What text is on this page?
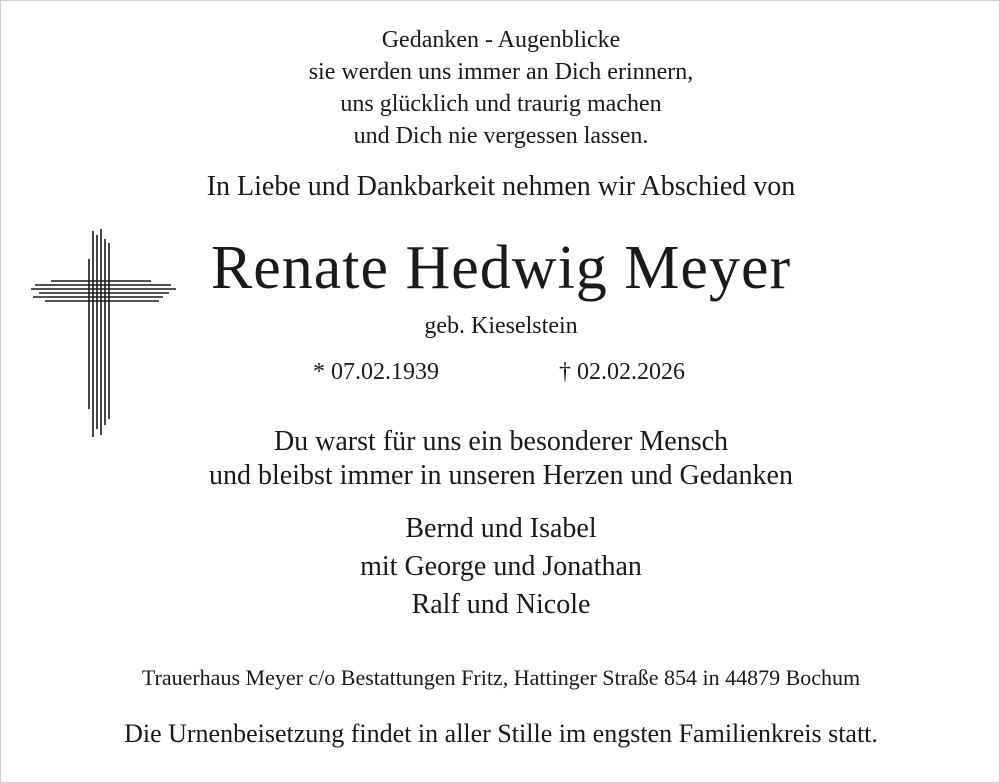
Gedanken - Augenblicke
sie werden uns immer an Dich erinnern,
uns glücklich und traurig machen
und Dich nie vergessen lassen.
In Liebe und Dankbarkeit nehmen wir Abschied von
Renate Hedwig Meyer
geb. Kieselstein
* 07.02.1939	† 02.02.2026
Du warst für uns ein besonderer Mensch
und bleibst immer in unseren Herzen und Gedanken
Bernd und Isabel
mit George und Jonathan
Ralf und Nicole
Trauerhaus Meyer c/o Bestattungen Fritz, Hattinger Straße 854 in 44879 Bochum
Die Urnenbeisetzung findet in aller Stille im engsten Familienkreis statt.
